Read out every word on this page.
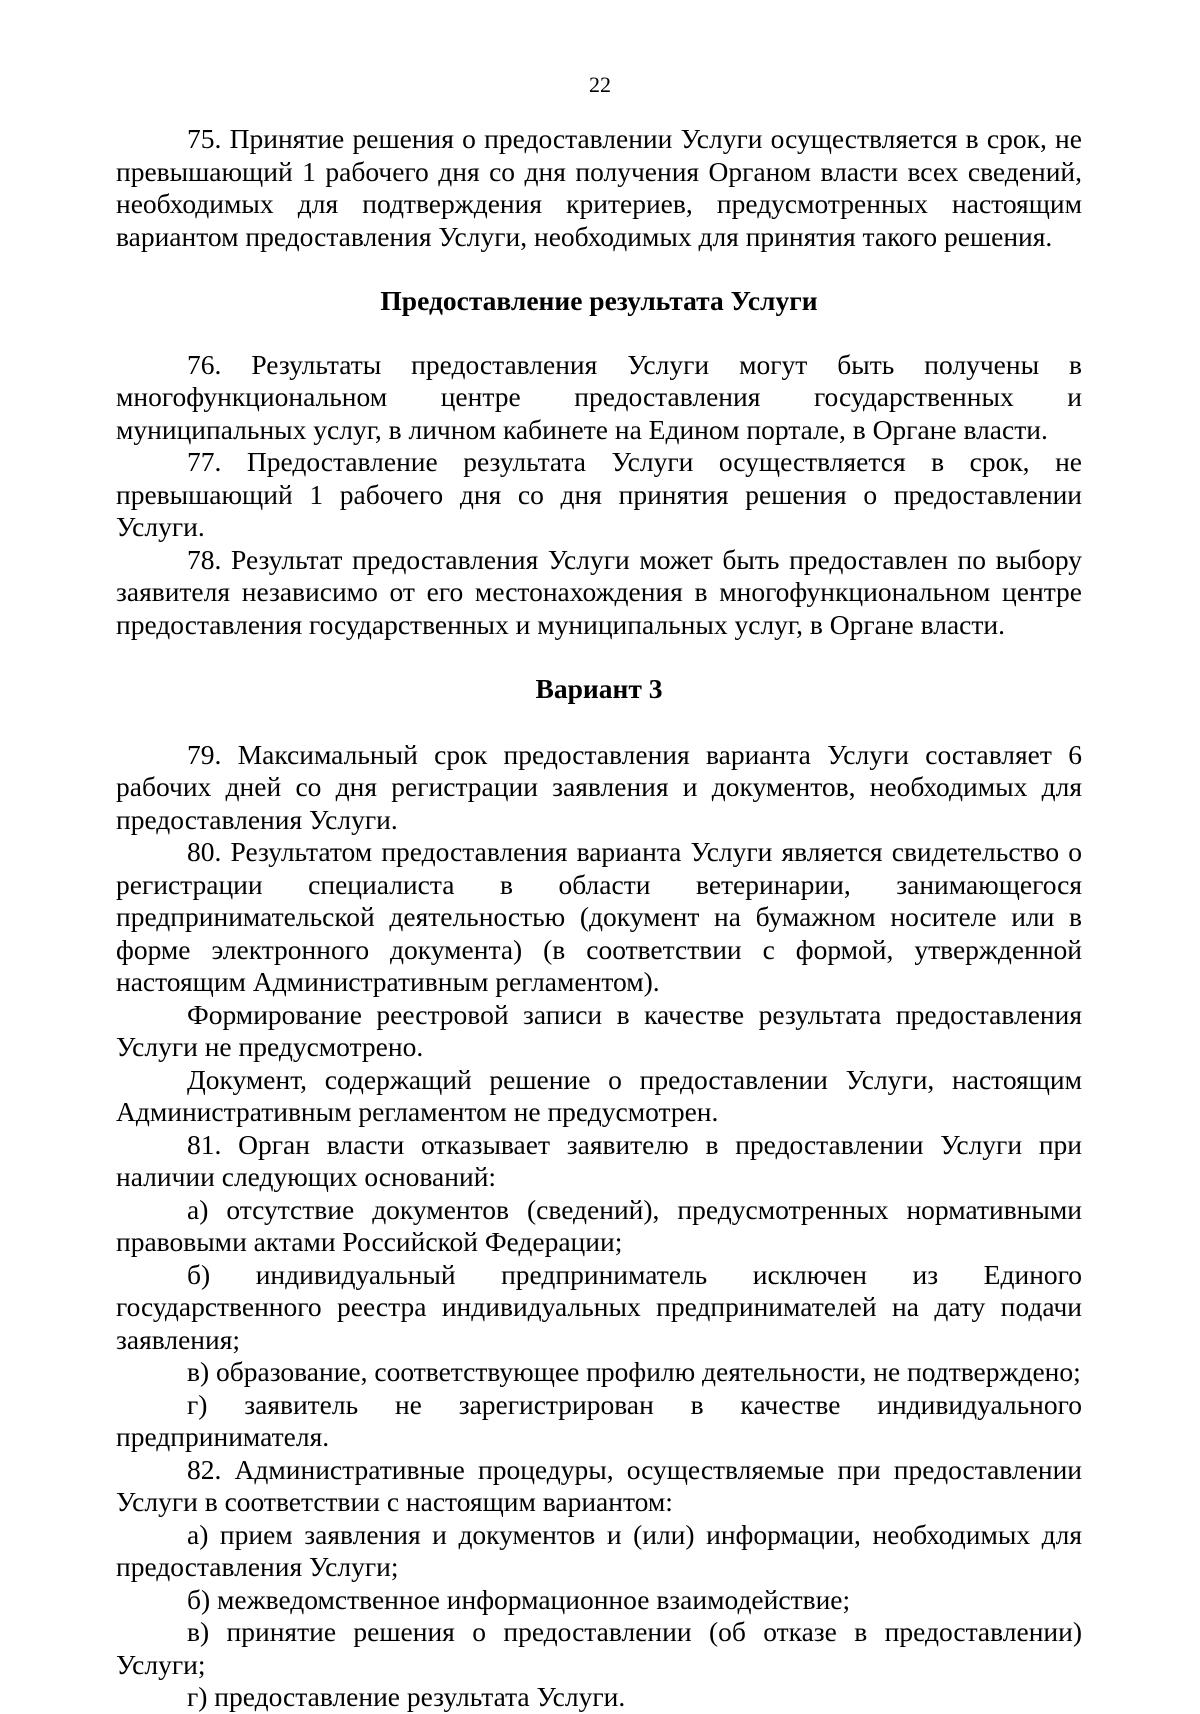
22

75. Принятие решения о предоставлении Услуги осуществляется в срок, не превышающий 1 рабочего дня со дня получения Органом власти всех сведений, необходимых для подтверждения критериев, предусмотренных настоящим вариантом предоставления Услуги, необходимых для принятия такого решения.

Предоставление результата Услуги

76. Результаты предоставления Услуги могут быть получены в многофункциональном центре предоставления государственных и муниципальных услуг, в личном кабинете на Едином портале, в Органе власти.

77. Предоставление результата Услуги осуществляется в срок, не превышающий 1 рабочего дня со дня принятия решения о предоставлении Услуги.

78. Результат предоставления Услуги может быть предоставлен по выбору заявителя независимо от его местонахождения в многофункциональном центре предоставления государственных и муниципальных услуг, в Органе власти.

Вариант 3

79. Максимальный срок предоставления варианта Услуги составляет 6 рабочих дней со дня регистрации заявления и документов, необходимых для предоставления Услуги.

80. Результатом предоставления варианта Услуги является свидетельство о регистрации специалиста в области ветеринарии, занимающегося предпринимательской деятельностью (документ на бумажном носителе или в форме электронного документа) (в соответствии с формой, утвержденной настоящим Административным регламентом).

Формирование реестровой записи в качестве результата предоставления Услуги не предусмотрено.

Документ, содержащий решение о предоставлении Услуги, настоящим Административным регламентом не предусмотрен.

81. Орган власти отказывает заявителю в предоставлении Услуги при наличии следующих оснований:

а) отсутствие документов (сведений), предусмотренных нормативными правовыми актами Российской Федерации;

б) индивидуальный предприниматель исключен из Единого государственного реестра индивидуальных предпринимателей на дату подачи заявления;

в) образование, соответствующее профилю деятельности, не подтверждено;

г) заявитель не зарегистрирован в качестве индивидуального предпринимателя.

82. Административные процедуры, осуществляемые при предоставлении Услуги в соответствии с настоящим вариантом:

а) прием заявления и документов и (или) информации, необходимых для предоставления Услуги;

б) межведомственное информационное взаимодействие;

в) принятие решения о предоставлении (об отказе в предоставлении) Услуги;

г) предоставление результата Услуги.
